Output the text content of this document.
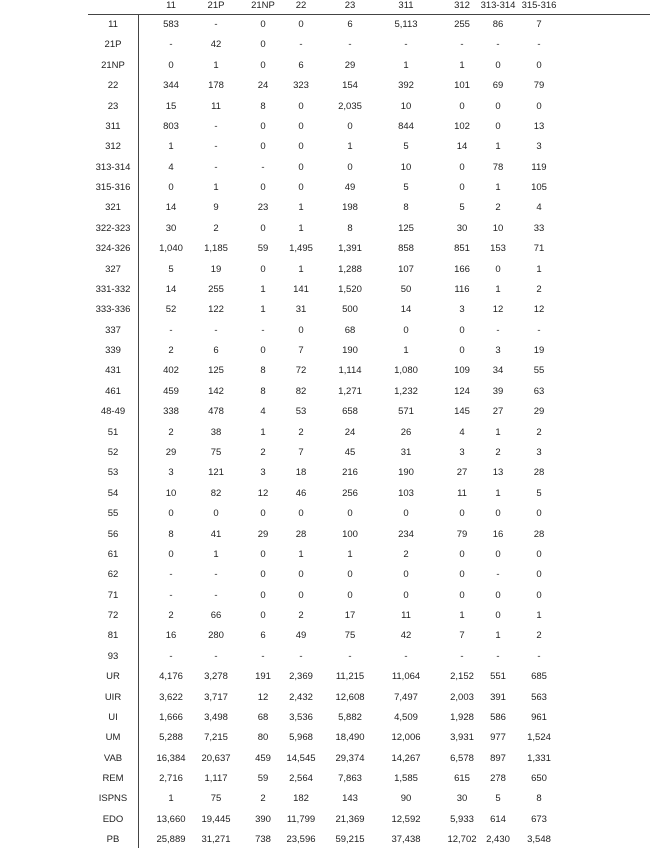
11	21P	21NP	22	23	311	312	313-314 315-316
11	583	-	0	0	6	5,113	255	86	7
21P	-	42	0	-	-	-	-	-	-
21NP	0	1	0	6	29	1	1	0	0
22	344	178	24	323	154	392	101	69	79
23	15	11	8	0	2,035	10	0	0	0
311	803	-	0	0	0	844	102	0	13
312	1	-	0	0	1	5	14	1	3
313-314	4	-	-	0	0	10	0	78	119
315-316	0	1	0	0	49	5	0	1	105
321	14	9	23	1	198	8	5	2	4
322-323	30	2	0	1	8	125	30	10	33
324-326	1,040	1,185	59	1,495	1,391	858	851	153	71
327	5	19	0	1	1,288	107	166	0	1
331-332	14	255	1	141	1,520	50	116	1	2
333-336	52	122	1	31	500	14	3	12	12
337	-	-	-	0	68	0	0	-	-
339	2	6	0	7	190	1	0	3	19
431	402	125	8	72	1,114	1,080	109	34	55
461	459	142	8	82	1,271	1,232	124	39	63
48-49	338	478	4	53	658	571	145	27	29
51	2	38	1	2	24	26	4	1	2
52	29	75	2	7	45	31	3	2	3
53	3	121	3	18	216	190	27	13	28
54	10	82	12	46	256	103	11	1	5
55	0	0	0	0	0	0	0	0	0
56	8	41	29	28	100	234	79	16	28
61	0	1	0	1	1	2	0	0	0
62	-	-	0	0	0	0	0	-	0
71	-	-	0	0	0	0	0	0	0
72	2	66	0	2	17	11	1	0	1
81	16	280	6	49	75	42	7	1	2
93	-	-	-	-	-	-	-	-	-
UR	4,176	3,278	191	2,369	11,215	11,064	2,152	551	685
UIR	3,622	3,717	12	2,432	12,608	7,497	2,003	391	563
UI	1,666	3,498	68	3,536	5,882	4,509	1,928	586	961
UM	5,288	7,215	80	5,968	18,490	12,006	3,931	977	1,524
VAB	16,384	20,637	459	14,545	29,374	14,267	6,578	897	1,331
REM	2,716	1,117	59	2,564	7,863	1,585	615	278	650
ISPNS	1	75	2	182	143	90	30	5	8
EDO	13,660	19,445	390	11,799	21,369	12,592	5,933	614	673
PB	25,889	31,271	738	23,596	59,215	37,438	12,702	2,430	3,548
